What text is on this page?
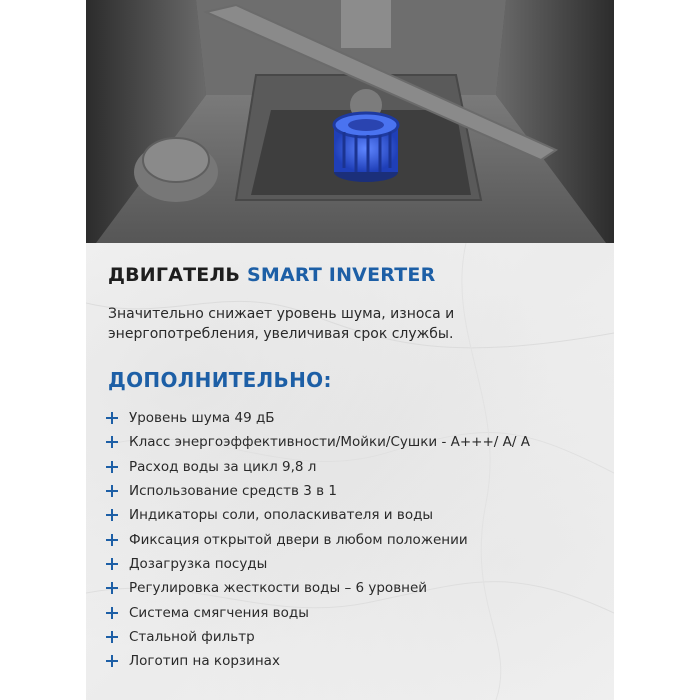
ДВИГАТЕЛЬ SMART INVERTER
Значительно снижает уровень шума, износа и энергопотребления, увеличивая срок службы.
ДОПОЛНИТЕЛЬНО:
Уровень шума 49 дБ
Класс энергоэффективности/Мойки/Сушки - А+++/ А/ А
Расход воды за цикл 9,8 л
Использование средств 3 в 1
Индикаторы соли, ополаскивателя и воды
Фиксация открытой двери в любом положении
Дозагрузка посуды
Регулировка жесткости воды – 6 уровней
Система смягчения воды
Стальной фильтр
Логотип на корзинах
